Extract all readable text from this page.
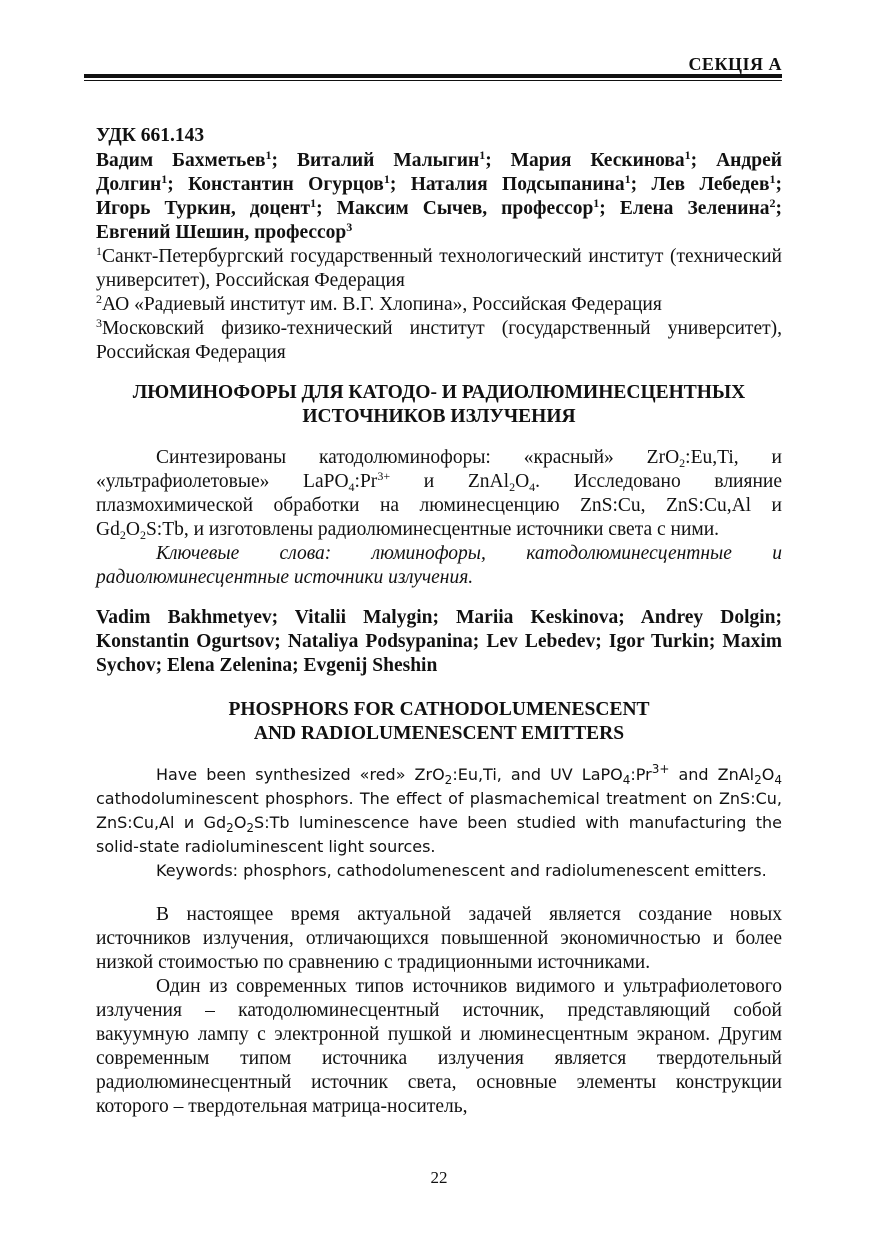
СЕКЦІЯ А
УДК 661.143
Вадим Бахметьев$^1$; Виталий Малыгин$^1$; Мария Кескинова$^1$; Андрей
Долгин$^1$; Константин Огурцов$^1$; Наталия Подсыпанина$^1$; Лев Лебедев$^1$;
Игорь Туркин, доцент$^1$; Максим Сычев, профессор$^1$; Елена Зеленина$^2$;
Евгений Шешин, профессор$^3$
$^1$Санкт-Петербургский государственный технологический институт (технический университет), Российская Федерация
$^2$АО «Радиевый институт им. В.Г. Хлопина», Российская Федерация
$^3$Московский физико-технический институт (государственный университет), Российская Федерация
ЛЮМИНОФОРЫ ДЛЯ КАТОДО- И РАДИОЛЮМИНЕСЦЕНТНЫХ
ИСТОЧНИКОВ ИЗЛУЧЕНИЯ
Синтезированы катодолюминофоры: «красный» ZrO$_2$:Eu,Ti, и «ультрафиолетовые» $LaPO_4:Pr^{3+}$ и $ZnAl_2O_4$. Исследовано влияние плазмохимической обработки на люминесценцию ZnS:Cu, ZnS:Cu,Al и $Gd_2O_2S:Tb$, и изготовлены радиолюминесцентные источники света с ними.
Ключевые слова: люминофоры, катодолюминесцентные и радиолюминесцентные источники излучения.
Vadim Bakhmetyev; Vitalii Malygin; Mariia Keskinova; Andrey Dolgin; Konstantin Ogurtsov; Nataliya Podsypanina; Lev Lebedev; Igor Turkin; Maxim Sychov; Elena Zelenina; Evgenij Sheshin
PHOSPHORS FOR CATHODOLUMENESCENT
AND RADIOLUMENESCENT EMITTERS
Have been synthesized «red» ZrO$_2$:Eu,Ti, and UV $LaPO_4:Pr^{3+}$ and $ZnAl_2O_4$ cathodoluminescent phosphors. The effect of plasmachemical treatment on ZnS:Cu, ZnS:Cu,Al и $Gd_2O_2S:Tb$ luminescence have been studied with manufacturing the solid-state radioluminescent light sources.
Keywords: phosphors, cathodolumenescent and radiolumenescent emitters.
В настоящее время актуальной задачей является создание новых источников излучения, отличающихся повышенной экономичностью и более низкой стоимостью по сравнению с традиционными источниками.
Один из современных типов источников видимого и ультрафиолетового излучения – катодолюминесцентный источник, представляющий собой вакуумную лампу с электронной пушкой и люминесцентным экраном. Другим современным типом источника излучения является твердотельный радиолюминесцентный источник света, основные элементы конструкции которого – твердотельная матрица-носитель,
22
